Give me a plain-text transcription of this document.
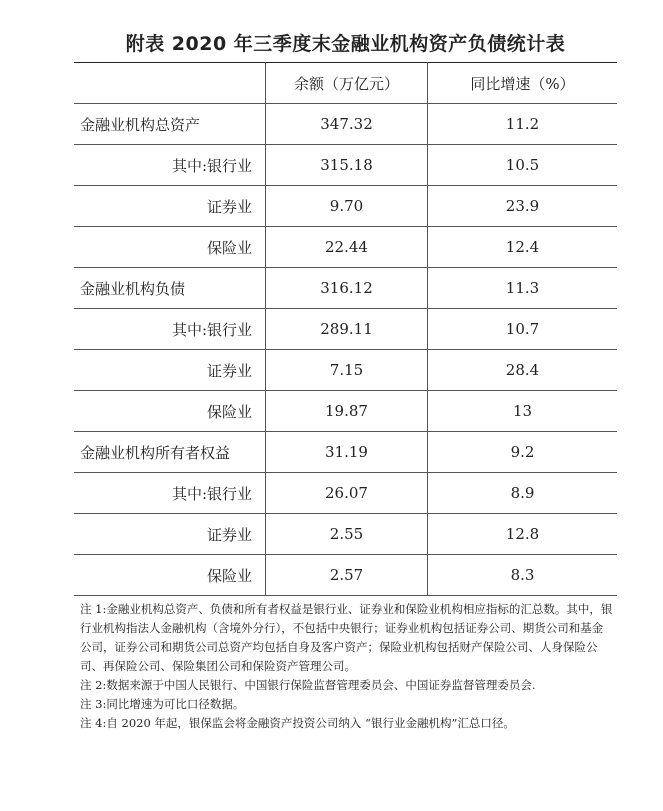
附表 2020 年三季度末金融业机构资产负债统计表
	余额（万亿元）	同比增速（%）
金融业机构总资产	347.32	11.2
其中:银行业	315.18	10.5
证券业	9.70	23.9
保险业	22.44	12.4
金融业机构负债	316.12	11.3
其中:银行业	289.11	10.7
证券业	7.15	28.4
保险业	19.87	13
金融业机构所有者权益	31.19	9.2
其中:银行业	26.07	8.9
证券业	2.55	12.8
保险业	2.57	8.3

注 1:金融业机构总资产、负债和所有者权益是银行业、证券业和保险业机构相应指标的汇总数。其中，银行业机构指法人金融机构（含境外分行），不包括中央银行；证券业机构包括证券公司、期货公司和基金公司，证券公司和期货公司总资产均包括自身及客户资产；保险业机构包括财产保险公司、人身保险公司、再保险公司、保险集团公司和保险资产管理公司。

注 2:数据来源于中国人民银行、中国银行保险监督管理委员会、中国证券监督管理委员会.

注 3:同比增速为可比口径数据。

注 4:自 2020 年起，银保监会将金融资产投资公司纳入 “银行业金融机构”汇总口径。
